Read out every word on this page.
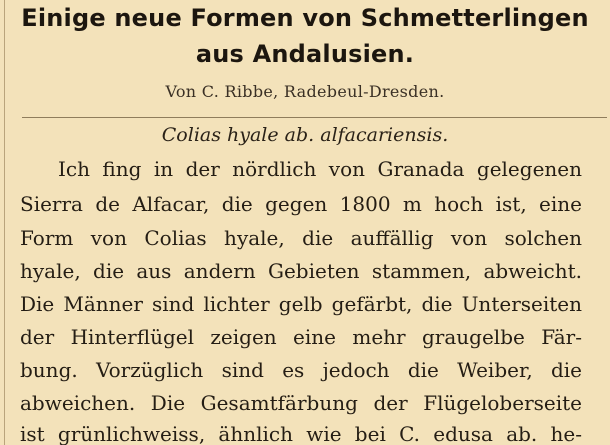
Einige neue Formen von Schmetterlingen
aus Andalusien.
Von C. Ribbe, Radebeul-Dresden.
Colias hyale ab. alfacariensis.
Ich fing in der nördlich von Granada gelegenen
Sierra de Alfacar, die gegen 1800 m hoch ist, eine
Form von Colias hyale, die auffällig von solchen
hyale, die aus andern Gebieten stammen, abweicht.
Die Männer sind lichter gelb gefärbt, die Unterseiten
der Hinterflügel zeigen eine mehr graugelbe Fär-
bung. Vorzüglich sind es jedoch die Weiber, die
abweichen. Die Gesamtfärbung der Flügeloberseite
ist grünlichweiss, ähnlich wie bei C. edusa ab. he-
